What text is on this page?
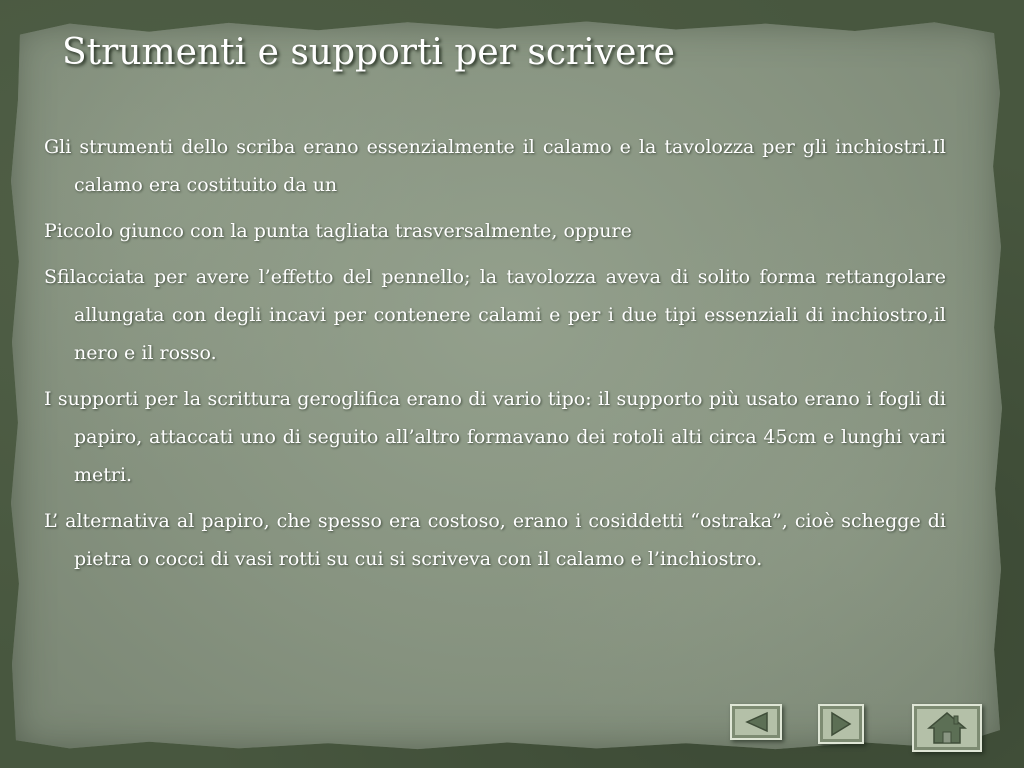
Strumenti e supporti per scrivere

Gli strumenti dello scriba erano essenzialmente il calamo e la tavolozza per gli inchiostri.Il calamo era costituito da un

Piccolo giunco con la punta tagliata trasversalmente, oppure

Sfilacciata per avere l’effetto del pennello; la tavolozza aveva di solito forma rettangolare allungata con degli incavi per contenere calami e per i due tipi essenziali di inchiostro,il nero e il rosso.

I supporti per la scrittura geroglifica erano di vario tipo: il supporto più usato erano i fogli di papiro, attaccati uno di seguito all’altro formavano dei rotoli alti circa 45cm e lunghi vari metri.

L’ alternativa al papiro, che spesso era costoso, erano i cosiddetti “ostraka”, cioè schegge di pietra o cocci di vasi rotti su cui si scriveva con il calamo e l’inchiostro.
